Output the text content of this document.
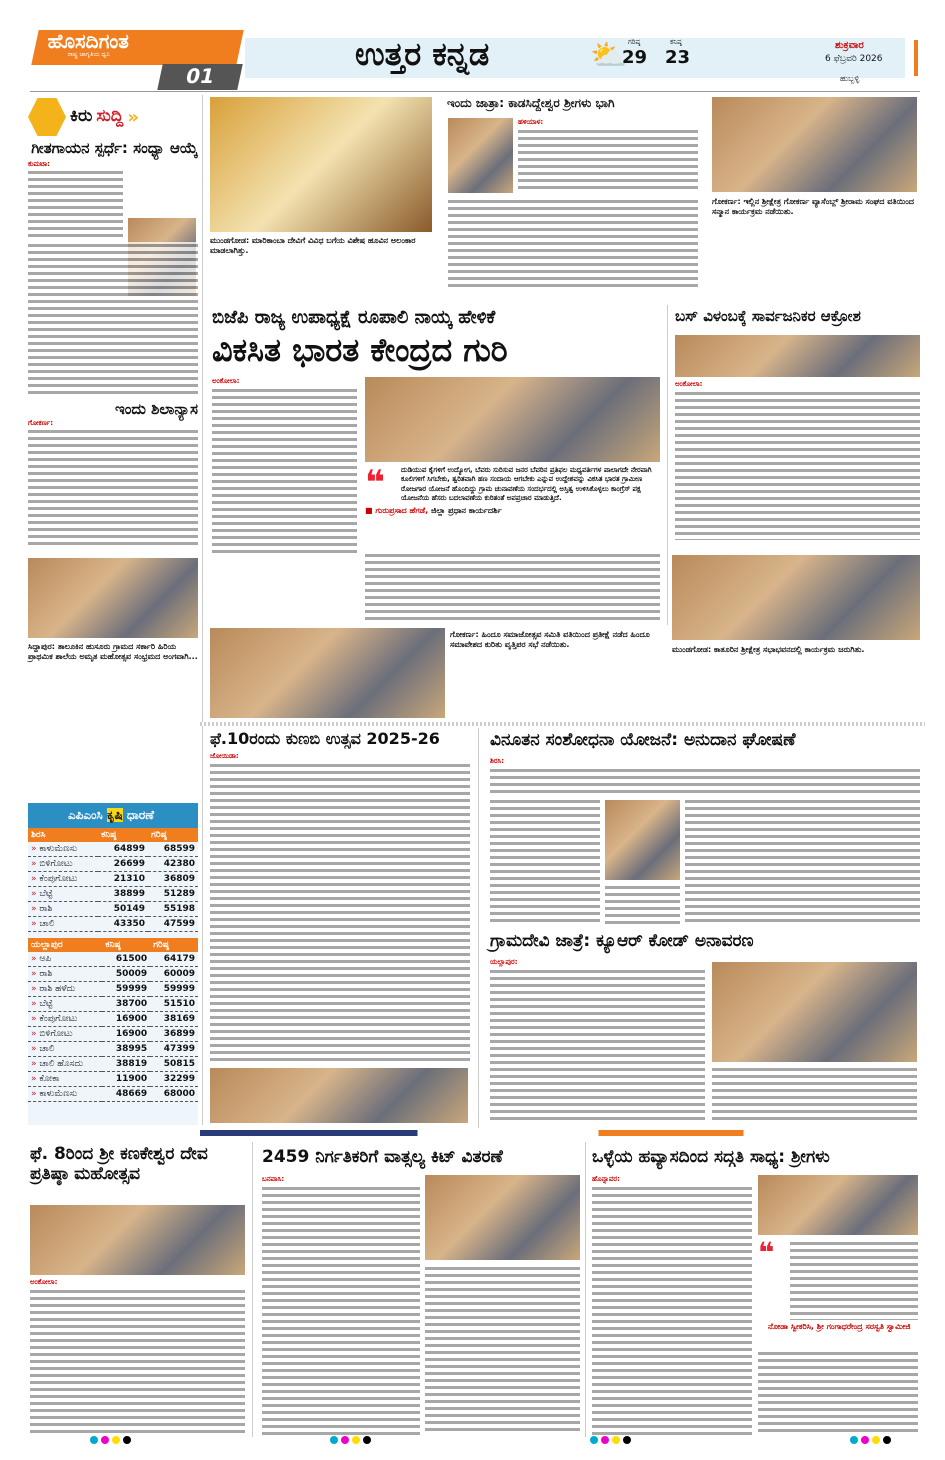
ಹೊಸದಿಗಂತ
ರಾಷ್ಟ್ರ ಜಾಗೃತಿಯ ಧ್ವನಿ
01
ಉತ್ತರ ಕನ್ನಡ	⛅ ಗರಿಷ್ಠ
29
ಕನಿಷ್ಠ
23
ಶುಕ್ರವಾರ
6 ಫೆಬ್ರವರಿ 2026
ಹುಬ್ಬಳ್ಳಿ
ಕಿರು ಸುದ್ದಿ »
ಗೀತಗಾಯನ ಸ್ಪರ್ಧೆ: ಸಂಧ್ಯಾ ಆಯ್ಕೆ
ಕುಮಟಾ:
ಇಂದು ಶಿಲಾನ್ಯಾಸ
ಗೋಕರ್ಣ:
ಸಿದ್ದಾಪುರ: ತಾಲೂಕಿನ ಹುಸೂರು ಗ್ರಾಮದ ಸರ್ಕಾರಿ ಹಿರಿಯ ಪ್ರಾಥಮಿಕ ಶಾಲೆಯ ಅಮೃತ ಮಹೋತ್ಸವ ಸಂಭ್ರಮದ ಅಂಗವಾಗಿ...
ಎಪಿಎಂಸಿ ಕೃಷಿ ಧಾರಣೆ
ಶಿರಸಿ	ಕನಿಷ್ಠ	ಗರಿಷ್ಠ
» ಕಾಳುಮೆಣಸು	64899	68599
» ಬಿಳಿಗೋಟು	26699	42380
» ಕೆಂಪುಗೋಟು	21310	36809
» ಬೆಟ್ಟೆ	38899	51289
» ರಾಶಿ	50149	55198
» ಚಾಲಿ	43350	47599
ಯಲ್ಲಾಪುರ	ಕನಿಷ್ಠ	ಗರಿಷ್ಠ
» ಆಪಿ	61500	64179
» ರಾಶಿ	50009	60009
» ರಾಶಿ ಹಳೆದು	59999	59999
» ಬೆಟ್ಟೆ	38700	51510
» ಕೆಂಪುಗೋಟು	16900	38169
» ಬಿಳಿಗೋಟು	16900	36899
» ಚಾಲಿ	38995	47399
» ಚಾಲಿ ಹೊಸದು	38819	50815
» ಕೋಕಾ	11900	32299
» ಕಾಳುಮೆಣಸು	48669	68000
ಮುಂಡಗೋಡ: ಮಾರಿಕಾಂಬಾ ದೇವಿಗೆ ವಿವಿಧ ಬಗೆಯ ವಿಶೇಷ ಹೂವಿನ ಅಲಂಕಾರ ಮಾಡಲಾಗಿತ್ತು.
ಇಂದು ಜಾತ್ರಾ: ಕಾಡಸಿದ್ದೇಶ್ವರ ಶ್ರೀಗಳು ಭಾಗಿ
ಹಳಿಯಾಳ:
ಗೋಕರ್ಣ: ಇಲ್ಲಿನ ಶ್ರೀಕ್ಷೇತ್ರ ಗೋಕರ್ಣ ವ್ಯಾಸೆಂಬ್ಲ್ ಶ್ರೀರಾಮ ಸಂಘದ ವತಿಯಿಂದ ಸನ್ಮಾನ ಕಾರ್ಯಕ್ರಮ ನಡೆಯಿತು.
ಬಿಜೆಪಿ ರಾಜ್ಯ ಉಪಾಧ್ಯಕ್ಷೆ ರೂಪಾಲಿ ನಾಯ್ಕ ಹೇಳಿಕೆ
ವಿಕಸಿತ ಭಾರತ ಕೇಂದ್ರದ ಗುರಿ
ಅಂಕೋಲಾ:
❝	ದುಡಿಯುವ ಕೈಗಳಿಗೆ ಉದ್ಯೋಗ, ಬೆವರು ಸುರಿಸುವ ಜನರ ಬೆವರಿನ ಪ್ರತಿಫಲ ಮಧ್ಯವರ್ತಿಗಳ ಪಾಲಾಗದೇ ನೇರವಾಗಿ ಕೂಲಿಗಳಿಗೆ ಸಿಗಬೇಕು, ತ್ವರಿತವಾಗಿ ಹಣ ಸಂದಾಯ ಆಗಬೇಕು ಎನ್ನುವ ಉದ್ದೇಶವನ್ನು ವಿಕಸಿತ ಭಾರತ ಗ್ರಾಮೀಣ ರೋಜಗಾರ ಯೋಜನೆ ಹೊಂದಿದ್ದು ಗ್ರಾಮ ಚುನಾವಣೆಯ ಸಂದರ್ಭದಲ್ಲಿ ಅಸ್ತಿತ್ವ ಉಳಿಸಿಕೊಳ್ಳಲು ಕಾಂಗ್ರೆಸ್ ಪಕ್ಷ ಯೋಜನೆಯ ಹೆಸರು ಬದಲಾವಣೆಯ ಕುರಿತಂತೆ ಅಪಪ್ರಚಾರ ಮಾಡುತ್ತಿದೆ.
■ ಗುರುಪ್ರಸಾದ ಹೆಗಡೆ, ಜಿಲ್ಲಾ ಪ್ರಧಾನ ಕಾರ್ಯದರ್ಶಿ
ಬಸ್ ವಿಳಂಬಕ್ಕೆ ಸಾರ್ವಜನಿಕರ ಆಕ್ರೋಶ
ಅಂಕೋಲಾ:
ಗೋಕರ್ಣ: ಹಿಂದೂ ಸಮಾಜೋತ್ಸವ ಸಮಿತಿ ವತಿಯಿಂದ ಪ್ರತೀಕ್ಷೆ ನಡೆದ ಹಿಂದೂ ಸಮಾವೇಶದ ಕುರಿತು ವೃತ್ತಿಪರ ಸಭೆ ನಡೆಯಿತು.
ಮುಂಡಗೋಡ: ಕಾತೂರಿನ ಶ್ರೀಕ್ಷೇತ್ರ ಸಭಾಭವನದಲ್ಲಿ ಕಾರ್ಯಕ್ರಮ ಜರುಗಿತು.
ಫೆ.10ರಂದು ಕುಣಬಿ ಉತ್ಸವ 2025-26
ಜೋಯಿಡಾ:
ವಿನೂತನ ಸಂಶೋಧನಾ ಯೋಜನೆ: ಅನುದಾನ ಘೋಷಣೆ
ಶಿರಸಿ:
ಗ್ರಾಮದೇವಿ ಜಾತ್ರೆ: ಕ್ಯೂಆರ್ ಕೋಡ್ ಅನಾವರಣ
ಯಲ್ಲಾಪುರ:
ಫೆ. 8ರಿಂದ ಶ್ರೀ ಕಣಕೇಶ್ವರ ದೇವ ಪ್ರತಿಷ್ಠಾ ಮಹೋತ್ಸವ
ಅಂಕೋಲಾ:
2459 ನಿರ್ಗತಿಕರಿಗೆ ವಾತ್ಸಲ್ಯ ಕಿಟ್ ವಿತರಣೆ
ಬನವಾಸಿ:
ಒಳ್ಳೆಯ ಹವ್ಯಾಸದಿಂದ ಸದ್ಗತಿ ಸಾಧ್ಯ: ಶ್ರೀಗಳು
ಹೊನ್ನಾವರ:
❝
ನೋಡಾ ಸ್ವೀಕರಿಸಿ, ಶ್ರೀ ಗಂಗಾಧರೇಂದ್ರ ಸರಸ್ವತಿ ಸ್ವಾಮೀಜಿ
